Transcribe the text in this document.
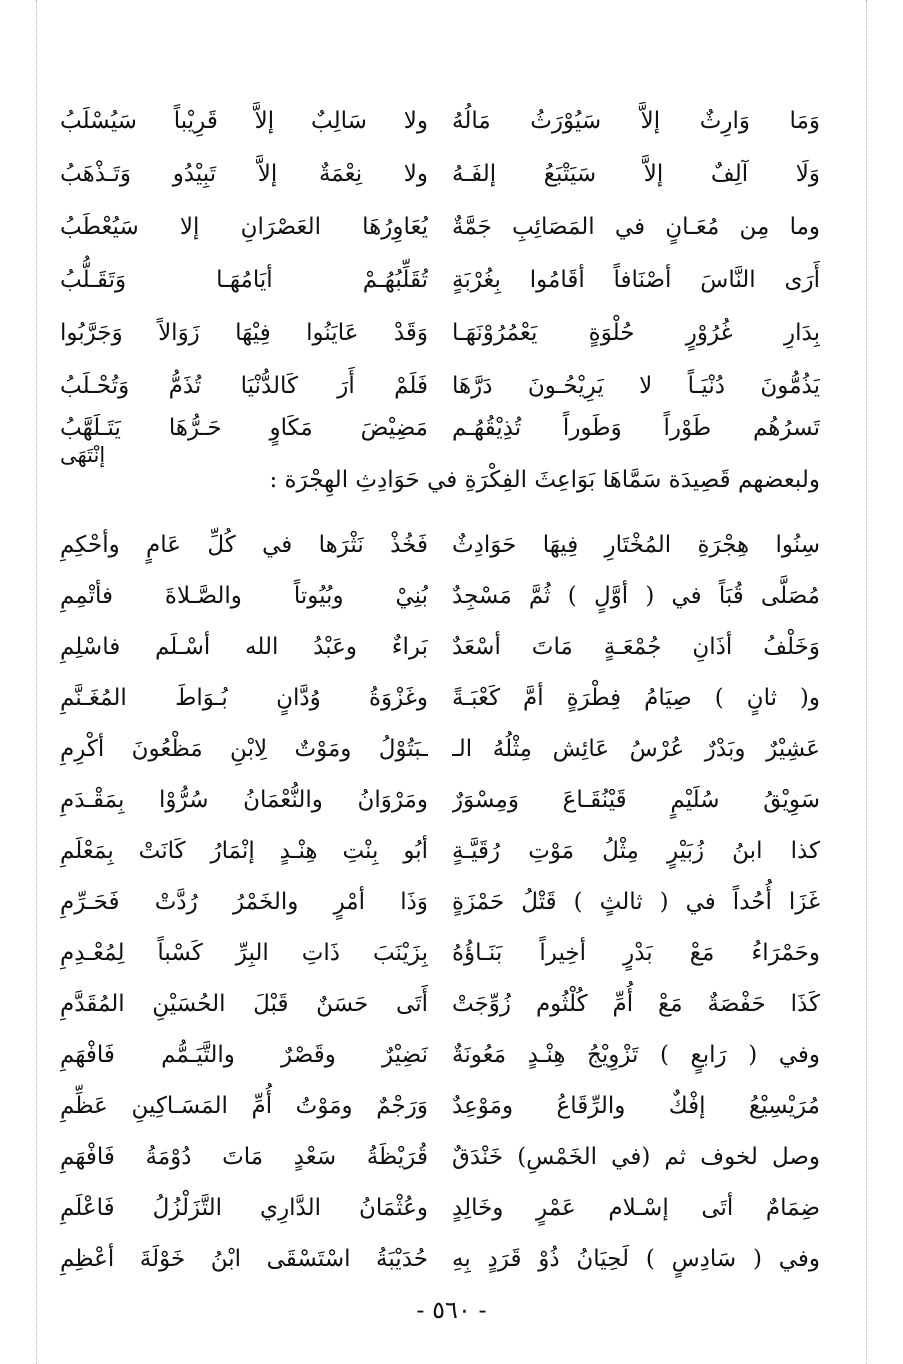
وَمَا وَارِثٌ إلاَّ سَيُوْرَثُ مَالُهُ
ولا سَالِبٌ إلاَّ قَرِيْباً سَيُسْلَبُ
وَلَا آلِفٌ إلاَّ سَيَتْبَعُ إلفَـهُ
ولا نِعْمَةٌ إلاَّ تَبِيْدُو وَتَـذْهَبُ
وما مِن مُعَـانٍ في المَصَائِبِ جَمَّةٌ
يُعَاوِرُهَا العَصْرَانِ إلا سَيُعْطَبُ
أَرَى النَّاسَ أصْنَافاً أقَامُوا بِغُرْبَةٍ
تُقَلِّبُهُـمْ أيَامُهَـا وَتَقَـلُّبُ
بِدَارِ غُرُوْرٍ حُلْوَةٍ يَعْمُرُوْنَهَـا
وَقَدْ عَايَنُوا فِيْهَا زَوَالاً وَجَرَّبُوا
يَذُمُّونَ دُنْيَـاً لا يَرِيْحُـونَ دَرَّهَا
فَلَمْ أَرَ كَالدُّنْيَا تُذَمُّ وَتُحْـلَبُ
تَسرُهُم طَوْراً وَطَوراً تُذِيْقُهُـم
مَضِيْضَ مَكَاوٍ حَـرُّهَا يَتَـلَهَّبُ
إنْتَهَى
ولبعضهم قَصِيدَة سَمَّاهَا بَوَاعِثَ الفِكْرَةِ في حَوَادِثِ الهِجْرَة :
سِنُوا هِجْرَةِ المُخْتَارِ فِيهَا حَوَادِثٌ
فَخُذْ نَثْرَها في كُلِّ عَامٍ وأحْكِمِ
مُصَلَّى قُبَاً في ( أوَّلٍ ) ثُمَّ مَسْجِدٌ
بُنِيْ وبُيُوتاً والصَّـلاةَ فأتْمِمِ
وَخَلْفُ أذَانِ جُمْعَـةٍ مَاتَ أسْعَدٌ
بَراءٌ وعَبْدُ الله أسْـلَم فاسْلِمِ
و( ثانٍ ) صِيَامُ فِطْرَةٍ أمَّ كَعْبَـةً
وغَزْوَةُ وُدَّانٍ بُـوَاطَ المُغَـنَّمِ
عَشِيْرٌ وبَدْرٌ عُرْسُ عَائِش مِثْلُهُ الـ
ـبَتُوْلُ ومَوْتٌ لِابْنِ مَظْعُونَ أكْرِمِ
سَوِيْقُ سُلَيْمٍ قَيْنُقَـاعَ وَمِسْوَرٌ
ومَرْوَانُ والنُّعْمَانُ سُرُّوْا بِمَقْـدَمِ
كذا ابنُ زُبَيْرٍ مِثْلُ مَوْتِ رُقَيَّـةٍ
أبُو بِنْتِ هِنْـدٍ إنْمَارُ كَانَتْ بِمَعْلَمِ
غَزَا أُحُداً في ( ثالثٍ ) قَتْلُ حَمْزَةٍ
وَذَا أمْرٍ والخَمْرُ رُدَّتْ فَحَـرِّمِ
وحَمْرَاءُ مَعْ بَدْرٍ أخِيراً بَنَـاؤُهُ
بِزَيْنَبَ ذَاتِ البِرِّ كَسْباً لِمُعْـدِمِ
كَذَا حَفْصَةٌ مَعْ أُمِّ كُلْثُوم زُوِّجَتْ
أَتَى حَسَنٌ قَبْلَ الحُسَيْنِ المُقَدَّمِ
وفي ( رَابعٍ ) تَزْوِيْجُ هِنْـدٍ مَعُونَةٌ
نَضِيْرٌ وقَصْرٌ والتَّيَـمُّم فَافْهَمِ
مُرَيْسِيْعُ إفْكٌ والرِّقَاعُ ومَوْعِدٌ
وَرَجْمٌ ومَوْتُ أُمِّ المَسَـاكِينِ عَظِّمِ
وصل لخوف ثم (في الخَمْسِ) خَنْدَقٌ
قُرَيْظَةُ سَعْدٍ مَاتَ دُوْمَةُ فَافْهَمِ
ضِمَامٌ أتَى إسْـلام عَمْرٍ وخَالِدٍ
وعُثْمَانُ الدَّارِي التَّزَلْزُلُ فَاعْلَمِ
وفي ( سَادِسٍ ) لَحِيَانُ ذُوْ قَرَدٍ بِهِ
حُدَيْبَةُ اسْتَسْقَى ابْنُ خَوْلَةَ أعْظِمِ
- ٥٦٠ -
